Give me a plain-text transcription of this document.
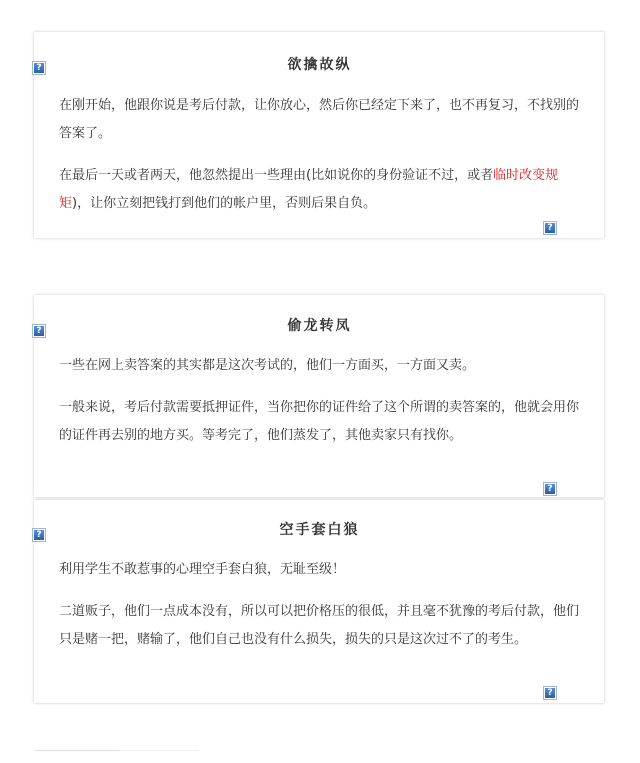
欲擒故纵

在刚开始，他跟你说是考后付款，让你放心，然后你已经定下来了，也不再复习，不找别的答案了。

在最后一天或者两天，他忽然提出一些理由(比如说你的身份验证不过，或者临时改变规矩)，让你立刻把钱打到他们的帐户里，否则后果自负。

?
?
偷龙转凤

一些在网上卖答案的其实都是这次考试的，他们一方面买，一方面又卖。

一般来说，考后付款需要抵押证件，当你把你的证件给了这个所谓的卖答案的，他就会用你的证件再去别的地方买。等考完了，他们蒸发了，其他卖家只有找你。

?
?
空手套白狼

利用学生不敢惹事的心理空手套白狼，无耻至级！

二道贩子，他们一点成本没有，所以可以把价格压的很低，并且毫不犹豫的考后付款，他们只是赌一把，赌输了，他们自己也没有什么损失，损失的只是这次过不了的考生。

?
?
